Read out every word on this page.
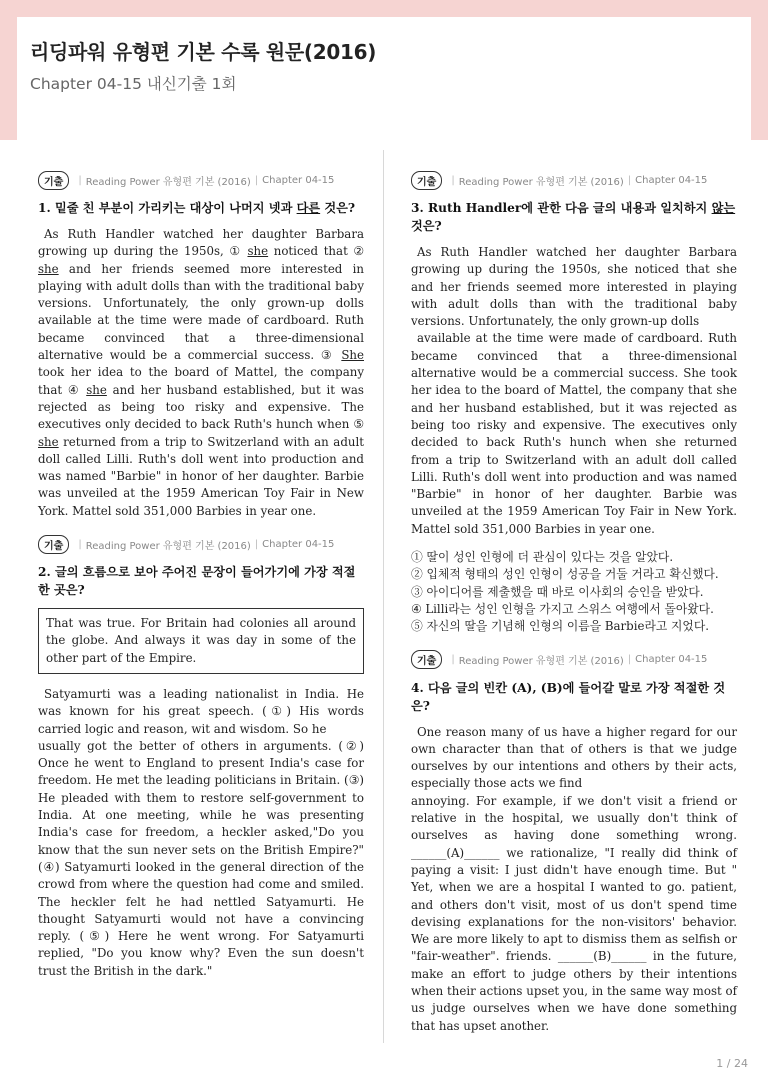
리딩파워 유형편 기본 수록 원문(2016)
Chapter 04-15 내신기출 1회
기출	| Reading Power 유형편 기본 (2016) | Chapter 04-15
1. 밑줄 친 부분이 가리키는 대상이 나머지 넷과 다른 것은?

As Ruth Handler watched her daughter Barbara growing up during the 1950s, ① she noticed that ② she and her friends seemed more interested in playing with adult dolls than with the traditional baby versions. Unfortunately, the only grown-up dolls available at the time were made of cardboard. Ruth became convinced that a three-dimensional alternative would be a commercial success. ③ She took her idea to the board of Mattel, the company that ④ she and her husband established, but it was rejected as being too risky and expensive. The executives only decided to back Ruth's hunch when ⑤ she returned from a trip to Switzerland with an adult doll called Lilli. Ruth's doll went into production and was named "Barbie" in honor of her daughter. Barbie was unveiled at the 1959 American Toy Fair in New York. Mattel sold 351,000 Barbies in year one.

기출	| Reading Power 유형편 기본 (2016) | Chapter 04-15
2. 글의 흐름으로 보아 주어진 문장이 들어가기에 가장 적절한 곳은?

That was true. For Britain had colonies all around the globe. And always it was day in some of the other part of the Empire.

Satyamurti was a leading nationalist in India. He was known for his great speech. (①) His words carried logic and reason, wit and wisdom. So he

usually got the better of others in arguments. (②) Once he went to England to present India's case for freedom. He met the leading politicians in Britain. (③) He pleaded with them to restore self-government to India. At one meeting, while he was presenting India's case for freedom, a heckler asked,"Do you know that the sun never sets on the British Empire?" (④) Satyamurti looked in the general direction of the crowd from where the question had come and smiled. The heckler felt he had nettled Satyamurti. He thought Satyamurti would not have a convincing reply. (⑤) Here he went wrong. For Satyamurti replied, "Do you know why? Even the sun doesn't trust the British in the dark."

기출	| Reading Power 유형편 기본 (2016) | Chapter 04-15
3. Ruth Handler에 관한 다음 글의 내용과 일치하지 않는 것은?

As Ruth Handler watched her daughter Barbara growing up during the 1950s, she noticed that she and her friends seemed more interested in playing with adult dolls than with the traditional baby versions. Unfortunately, the only grown-up dolls

available at the time were made of cardboard. Ruth became convinced that a three-dimensional alternative would be a commercial success. She took her idea to the board of Mattel, the company that she and her husband established, but it was rejected as being too risky and expensive. The executives only decided to back Ruth's hunch when she returned from a trip to Switzerland with an adult doll called Lilli. Ruth's doll went into production and was named "Barbie" in honor of her daughter. Barbie was unveiled at the 1959 American Toy Fair in New York. Mattel sold 351,000 Barbies in year one.

① 딸이 성인 인형에 더 관심이 있다는 것을 알았다.

② 입체적 형태의 성인 인형이 성공을 거둘 거라고 확신했다.

③ 아이디어를 제출했을 때 바로 이사회의 승인을 받았다.

④ Lilli라는 성인 인형을 가지고 스위스 여행에서 돌아왔다.

⑤ 자신의 딸을 기념해 인형의 이름을 Barbie라고 지었다.

기출	| Reading Power 유형편 기본 (2016) | Chapter 04-15
4. 다음 글의 빈칸 (A), (B)에 들어갈 말로 가장 적절한 것은?

One reason many of us have a higher regard for our own character than that of others is that we judge ourselves by our intentions and others by their acts, especially those acts we find

annoying. For example, if we don't visit a friend or relative in the hospital, we usually don't think of ourselves as having done something wrong. ______(A)______ we rationalize, "I really did think of paying a visit: I just didn't have enough time. But " Yet, when we are a hospital I wanted to go. patient, and others don't visit, most of us don't spend time devising explanations for the non-visitors' behavior. We are more likely to apt to dismiss them as selfish or "fair-weather". friends. ______(B)______ in the future, make an effort to judge others by their intentions when their actions upset you, in the same way most of us judge ourselves when we have done something that has upset another.

1 / 24
